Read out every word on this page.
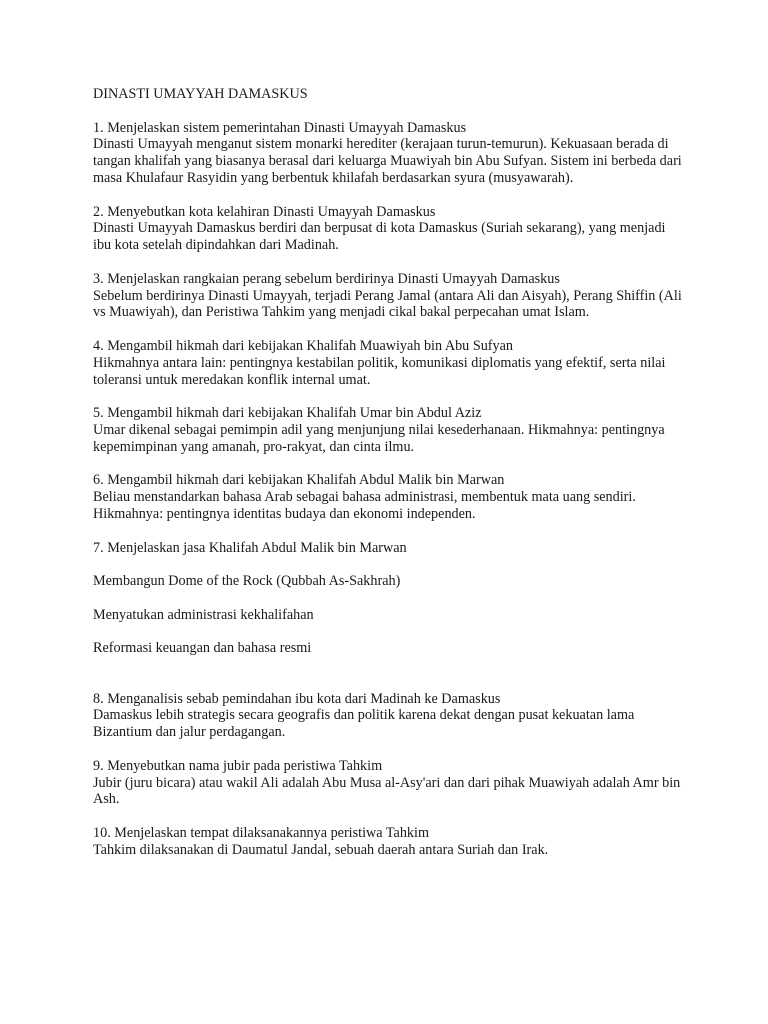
DINASTI UMAYYAH DAMASKUS

1. Menjelaskan sistem pemerintahan Dinasti Umayyah Damaskus

Dinasti Umayyah menganut sistem monarki herediter (kerajaan turun-temurun). Kekuasaan berada di tangan khalifah yang biasanya berasal dari keluarga Muawiyah bin Abu Sufyan. Sistem ini berbeda dari masa Khulafaur Rasyidin yang berbentuk khilafah berdasarkan syura (musyawarah).

2. Menyebutkan kota kelahiran Dinasti Umayyah Damaskus

Dinasti Umayyah Damaskus berdiri dan berpusat di kota Damaskus (Suriah sekarang), yang menjadi ibu kota setelah dipindahkan dari Madinah.

3. Menjelaskan rangkaian perang sebelum berdirinya Dinasti Umayyah Damaskus

Sebelum berdirinya Dinasti Umayyah, terjadi Perang Jamal (antara Ali dan Aisyah), Perang Shiffin (Ali vs Muawiyah), dan Peristiwa Tahkim yang menjadi cikal bakal perpecahan umat Islam.

4. Mengambil hikmah dari kebijakan Khalifah Muawiyah bin Abu Sufyan

Hikmahnya antara lain: pentingnya kestabilan politik, komunikasi diplomatis yang efektif, serta nilai toleransi untuk meredakan konflik internal umat.

5. Mengambil hikmah dari kebijakan Khalifah Umar bin Abdul Aziz

Umar dikenal sebagai pemimpin adil yang menjunjung nilai kesederhanaan. Hikmahnya: pentingnya kepemimpinan yang amanah, pro-rakyat, dan cinta ilmu.

6. Mengambil hikmah dari kebijakan Khalifah Abdul Malik bin Marwan

Beliau menstandarkan bahasa Arab sebagai bahasa administrasi, membentuk mata uang sendiri. Hikmahnya: pentingnya identitas budaya dan ekonomi independen.

7. Menjelaskan jasa Khalifah Abdul Malik bin Marwan

Membangun Dome of the Rock (Qubbah As-Sakhrah)

Menyatukan administrasi kekhalifahan

Reformasi keuangan dan bahasa resmi

8. Menganalisis sebab pemindahan ibu kota dari Madinah ke Damaskus

Damaskus lebih strategis secara geografis dan politik karena dekat dengan pusat kekuatan lama Bizantium dan jalur perdagangan.

9. Menyebutkan nama jubir pada peristiwa Tahkim

Jubir (juru bicara) atau wakil Ali adalah Abu Musa al-Asy'ari dan dari pihak Muawiyah adalah Amr bin Ash.

10. Menjelaskan tempat dilaksanakannya peristiwa Tahkim

Tahkim dilaksanakan di Daumatul Jandal, sebuah daerah antara Suriah dan Irak.
